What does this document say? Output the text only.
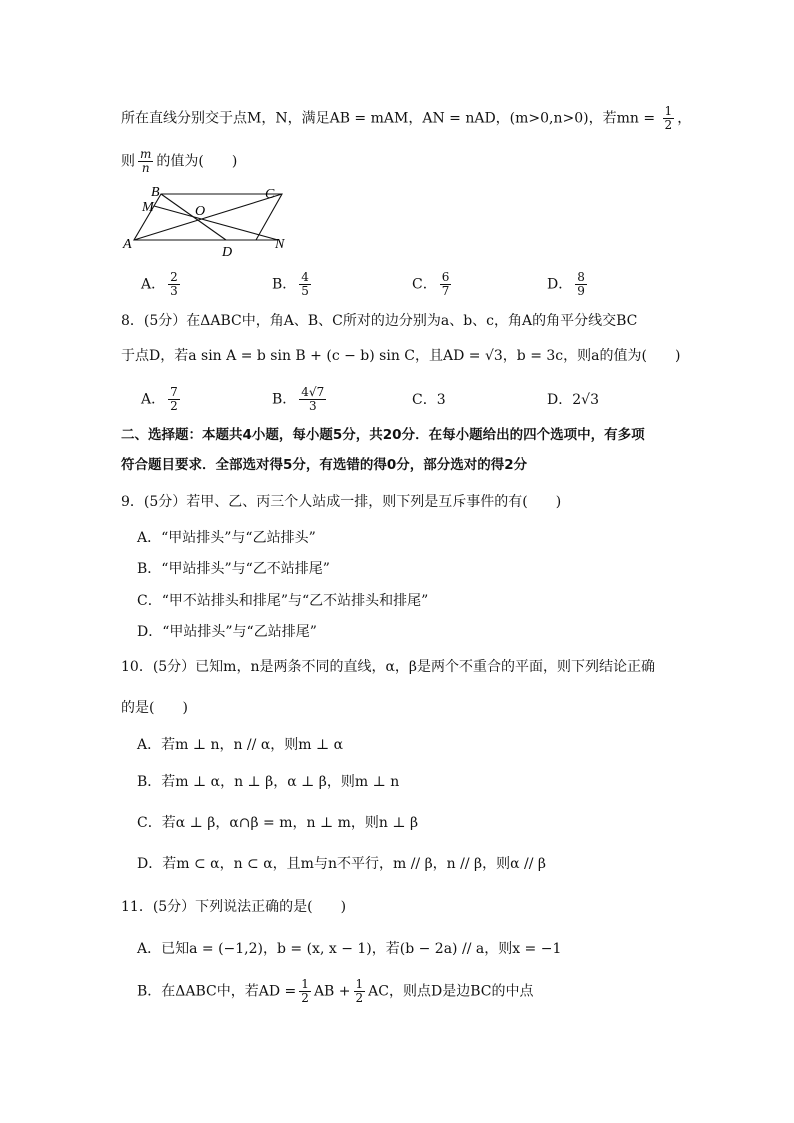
所在直线分别交于点M，N，满足AB = mAM，AN = nAD，(m>0,n>0)，若mn = $\frac{1}{2}$ ，
则 $\frac{m}{n}$ 的值为(　　)
B	C
M	O
A
D
N
A． $\frac{2}{3}$	B． $\frac{4}{5}$	C． $\frac{6}{7}$	D． $\frac{8}{9}$
8．(5分）在ΔABC中，角A、B、C所对的边分别为a、b、c，角A的角平分线交BC
于点D，若a sin A = b sin B + (c − b) sin C，且AD = √3，b = 3c，则a的值为(　　)
A． $\frac{7}{2}$	B． $\frac{4√7}{3}$	C．3	D．2√3
二、选择题：本题共4小题，每小题5分，共20分．在每小题给出的四个选项中，有多项
符合题目要求．全部选对得5分，有选错的得0分，部分选对的得2分
9．(5分）若甲、乙、丙三个人站成一排，则下列是互斥事件的有(　　)
A．“甲站排头”与“乙站排头”
B．“甲站排头”与“乙不站排尾”
C．“甲不站排头和排尾”与“乙不站排头和排尾”
D．“甲站排头”与“乙站排尾”
10．(5分）已知m，n是两条不同的直线，α，β是两个不重合的平面，则下列结论正确
的是(　　)
A．若m ⊥ n，n // α，则m ⊥ α
B．若m ⊥ α，n ⊥ β，α ⊥ β，则m ⊥ n
C．若α ⊥ β，α∩β = m，n ⊥ m，则n ⊥ β
D．若m ⊂ α，n ⊂ α，且m与n不平行，m // β，n // β，则α // β
11．(5分）下列说法正确的是(　　)
A．已知a = (−1,2)，b = (x, x − 1)，若(b − 2a) // a，则x = −1
B．在ΔABC中，若AD = $\frac{1}{2}$ AB + $\frac{1}{2}$ AC，则点D是边BC的中点
